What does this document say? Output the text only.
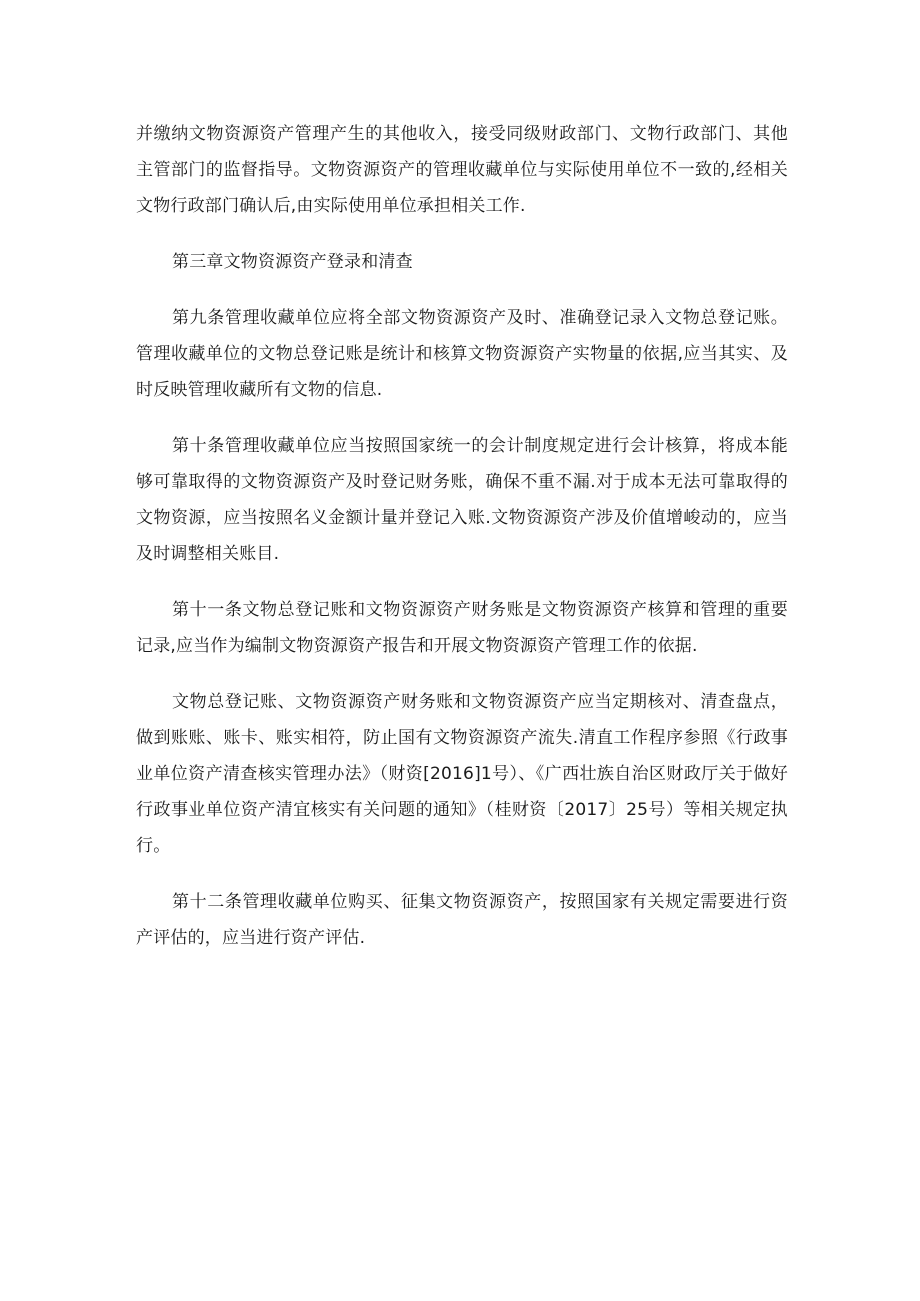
并缴纳文物资源资产管理产生的其他收入，接受同级财政部门、文物行政部门、其他主管部门的监督指导。文物资源资产的管理收藏单位与实际使用单位不一致的,经相关文物行政部门确认后,由实际使用单位承担相关工作.

第三章文物资源资产登录和清查

第九条管理收藏单位应将全部文物资源资产及时、准确登记录入文物总登记账。管理收藏单位的文物总登记账是统计和核算文物资源资产实物量的依据,应当其实、及时反映管理收藏所有文物的信息.

第十条管理收藏单位应当按照国家统一的会计制度规定进行会计核算，将成本能够可靠取得的文物资源资产及时登记财务账，确保不重不漏.对于成本无法可靠取得的文物资源，应当按照名义金额计量并登记入账.文物资源资产涉及价值增峻动的，应当及时调整相关账目.

第十一条文物总登记账和文物资源资产财务账是文物资源资产核算和管理的重要记录,应当作为编制文物资源资产报告和开展文物资源资产管理工作的依据.

文物总登记账、文物资源资产财务账和文物资源资产应当定期核对、清查盘点，做到账账、账卡、账实相符，防止国有文物资源资产流失.清直工作程序参照《行政事业单位资产清查核实管理办法》（财资[2016]1号）、《广西壮族自治区财政厅关于做好行政事业单位资产清宜核实有关问题的通知》（桂财资〔2017〕25号）等相关规定执行。

第十二条管理收藏单位购买、征集文物资源资产，按照国家有关规定需要进行资产评估的，应当进行资产评估.
